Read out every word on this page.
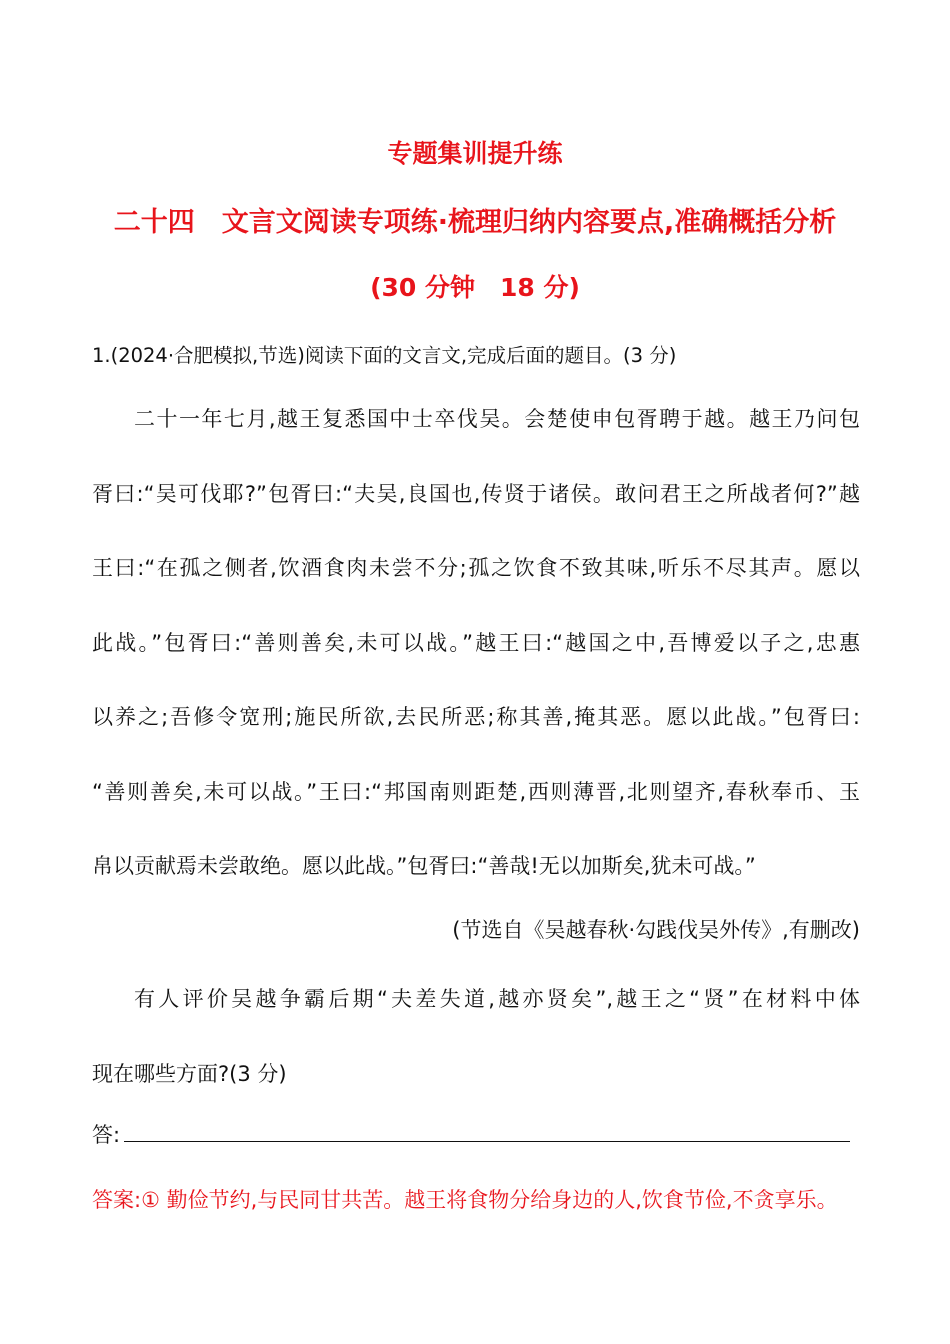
专题集训提升练
二十四　文言文阅读专项练·梳理归纳内容要点,准确概括分析
(30 分钟　18 分)
1.(2024·合肥模拟,节选)阅读下面的文言文,完成后面的题目。(3 分)
二十一年七月,越王复悉国中士卒伐吴。会楚使申包胥聘于越。越王乃问包
胥曰:“吴可伐耶?”包胥曰:“夫吴,良国也,传贤于诸侯。敢问君王之所战者何?”越
王曰:“在孤之侧者,饮酒食肉未尝不分;孤之饮食不致其味,听乐不尽其声。愿以
此战。”包胥曰:“善则善矣,未可以战。”越王曰:“越国之中,吾博爱以子之,忠惠
以养之;吾修令宽刑;施民所欲,去民所恶;称其善,掩其恶。愿以此战。”包胥曰:
“善则善矣,未可以战。”王曰:“邦国南则距楚,西则薄晋,北则望齐,春秋奉币、玉
帛以贡献焉未尝敢绝。愿以此战。”包胥曰:“善哉!无以加斯矣,犹未可战。”
(节选自《吴越春秋·勾践伐吴外传》,有删改)
有人评价吴越争霸后期“夫差失道,越亦贤矣”,越王之“贤”在材料中体
现在哪些方面?(3 分)
答:
答案:① 勤俭节约,与民同甘共苦。越王将食物分给身边的人,饮食节俭,不贪享乐。
